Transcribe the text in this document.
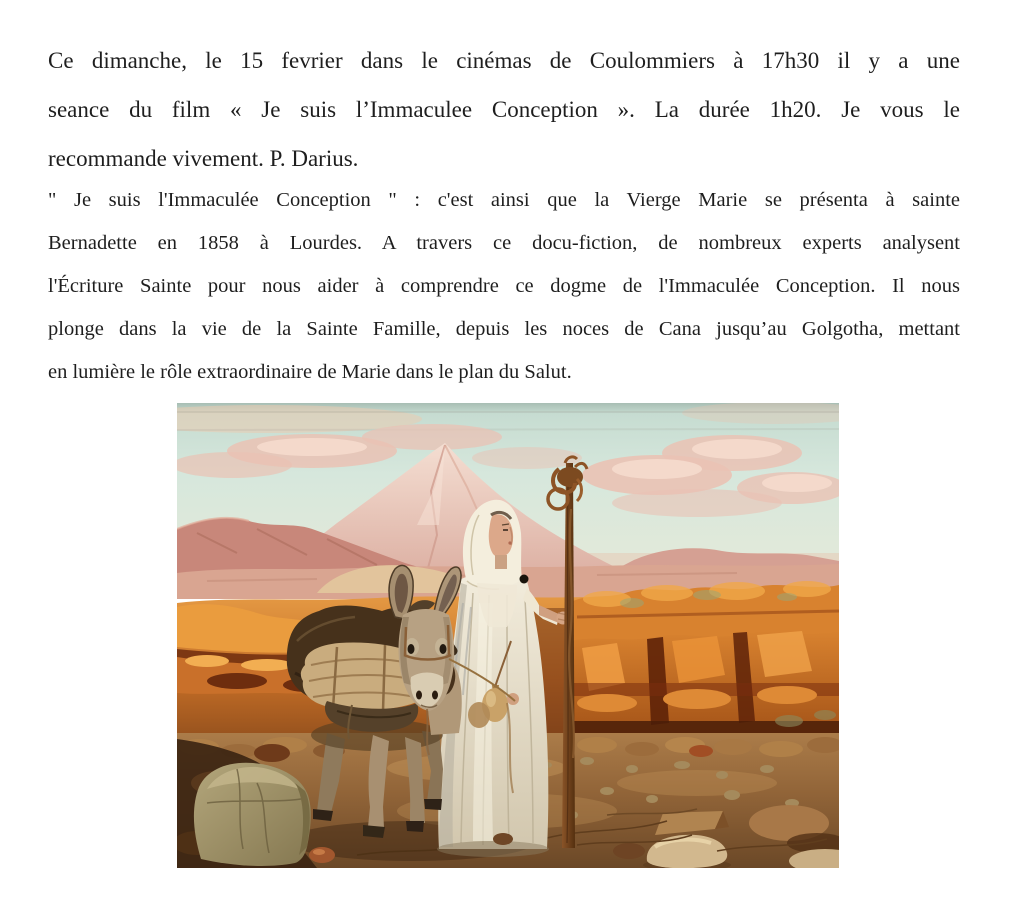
Ce dimanche, le 15 fevrier dans le cinémas de Coulommiers à 17h30 il y a une
seance du film « Je suis l’Immaculee Conception ». La durée 1h20. Je vous le
recommande vivement. P. Darius.
" Je suis l'Immaculée Conception " : c'est ainsi que la Vierge Marie se présenta à sainte
Bernadette en 1858 à Lourdes. A travers ce docu-fiction, de nombreux experts analysent
l'Écriture Sainte pour nous aider à comprendre ce dogme de l'Immaculée Conception. Il nous
plonge dans la vie de la Sainte Famille, depuis les noces de Cana jusqu’au Golgotha, mettant
en lumière le rôle extraordinaire de Marie dans le plan du Salut.
